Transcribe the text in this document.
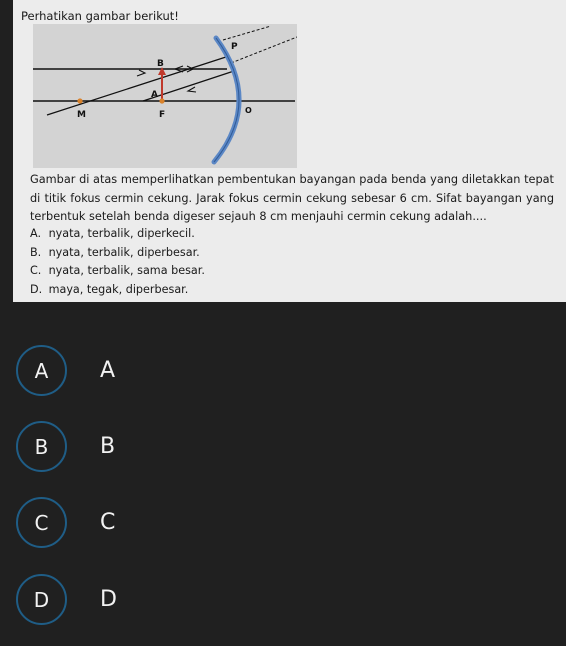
Perhatikan gambar berikut!
M	F
A
B
P
O
Gambar di atas memperlihatkan pembentukan bayangan pada benda yang diletakkan tepat di titik fokus cermin cekung. Jarak fokus cermin cekung sebesar 6 cm. Sifat bayangan yang terbentuk setelah benda digeser sejauh 8 cm menjauhi cermin cekung adalah....
A. nyata, terbalik, diperkecil.
B. nyata, terbalik, diperbesar.
C. nyata, terbalik, sama besar.
D. maya, tegak, diperbesar.
A	A
B	B
C	C
D	D
